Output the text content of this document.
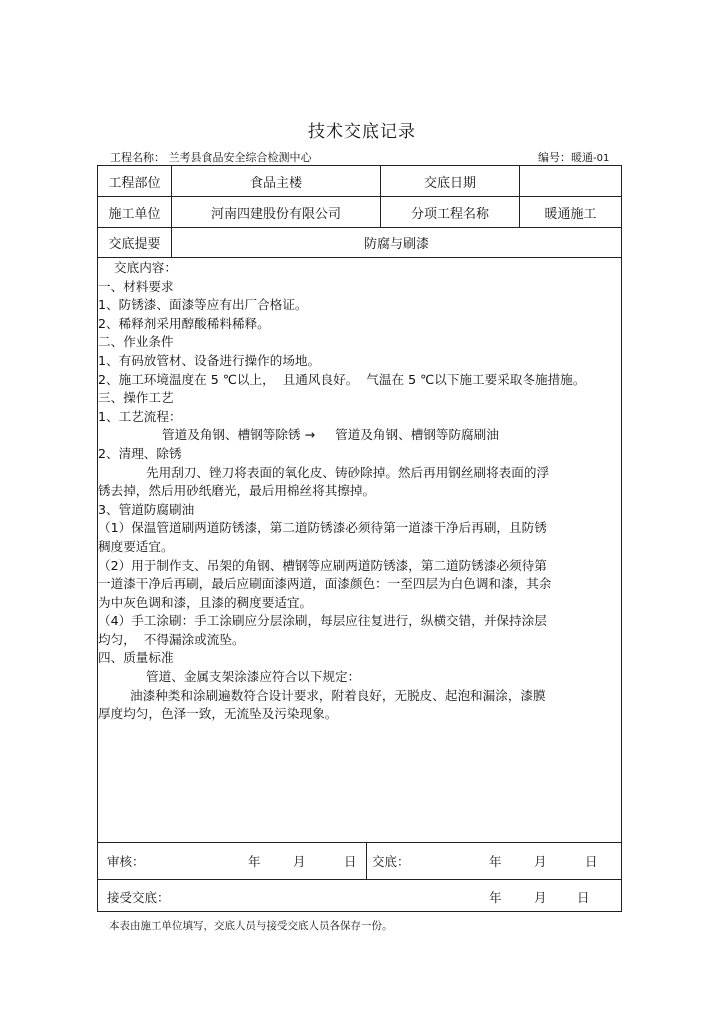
技术交底记录
工程名称： 兰考县食品安全综合检测中心	编号：暖通-01
工程部位	食品主楼	交底日期
施工单位	河南四建股份有限公司	分项工程名称	暖通施工
交底提要	防腐与刷漆
交底内容：
一、材料要求
1、防锈漆、面漆等应有出厂合格证。
2、稀释剂采用醇酸稀料稀释。
二、作业条件
1、有码放管材、设备进行操作的场地。
2、施工环境温度在 5 ℃以上，  且通风良好。  气温在 5 ℃以下施工要采取冬施措施。
三、操作工艺
1、工艺流程：
管道及角钢、槽钢等除锈 →     管道及角钢、槽钢等防腐刷油
2、清理、除锈
先用刮刀、锉刀将表面的氧化皮、铸砂除掉。然后再用钢丝刷将表面的浮
锈去掉，然后用砂纸磨光，最后用棉丝将其擦掉。
3、管道防腐刷油
（1）保温管道刷两道防锈漆，第二道防锈漆必须待第一道漆干净后再刷，且防锈
稠度要适宜。
（2）用于制作支、吊架的角钢、槽钢等应刷两道防锈漆，第二道防锈漆必须待第
一道漆干净后再刷，最后应刷面漆两道，面漆颜色：一至四层为白色调和漆，其余
为中灰色调和漆，且漆的稠度要适宜。
（4）手工涂刷：手工涂刷应分层涂刷，每层应往复进行，纵横交错，并保持涂层
均匀，  不得漏涂或流坠。
四、质量标准
管道、金属支架涂漆应符合以下规定：
油漆种类和涂刷遍数符合设计要求，附着良好，无脱皮、起泡和漏涂，漆膜
厚度均匀，色泽一致，无流坠及污染现象。
审核：	年	月	日 交底：	年	月	日
接受交底：	年	月 日
本表由施工单位填写，交底人员与接受交底人员各保存一份。
